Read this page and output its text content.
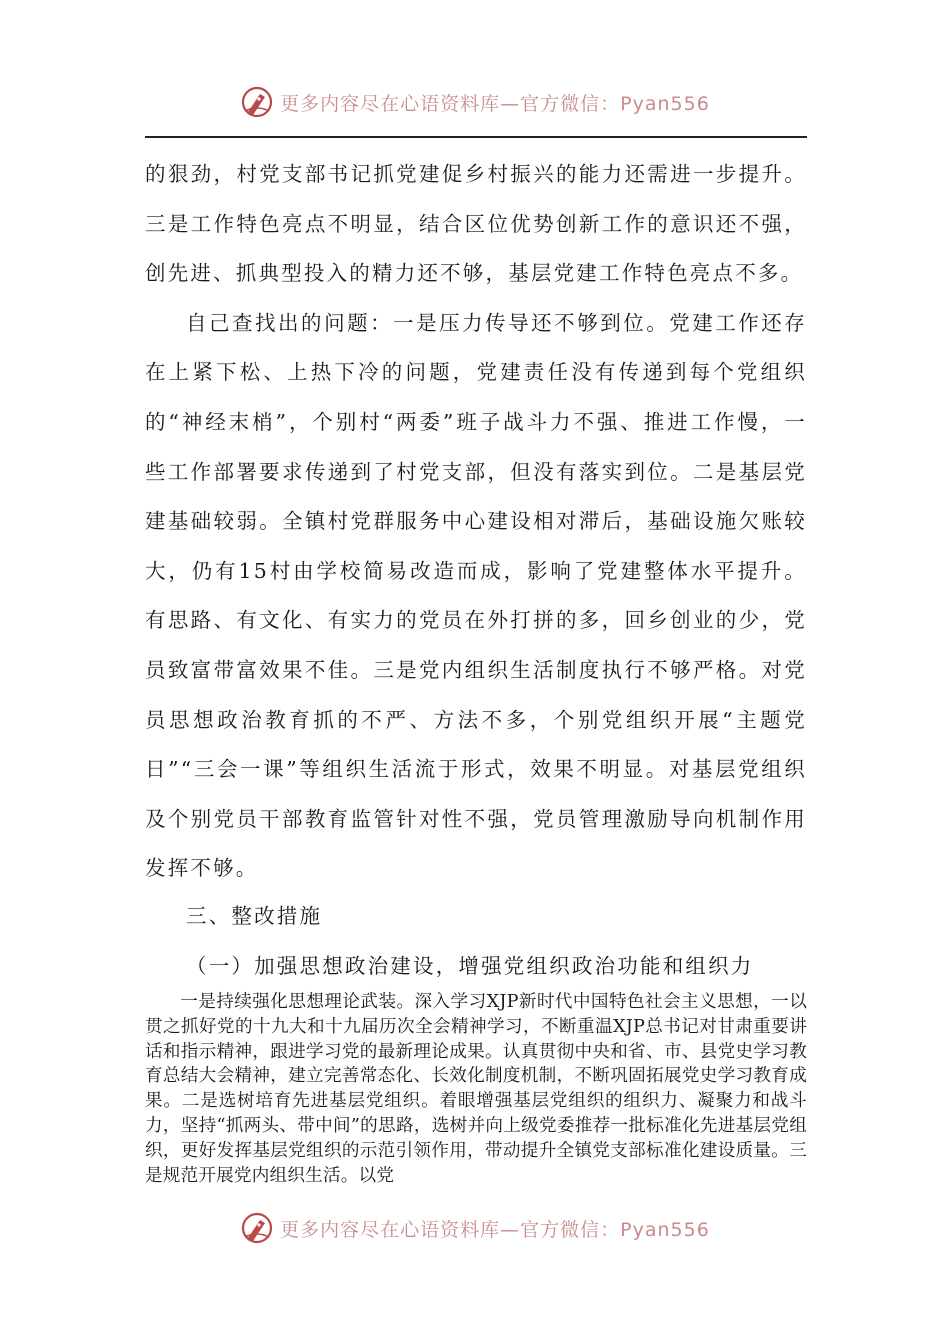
更多内容尽在心语资料库—官方微信：Pyan556

的狠劲，村党支部书记抓党建促乡村振兴的能力还需进一步提升。三是工作特色亮点不明显，结合区位优势创新工作的意识还不强，创先进、抓典型投入的精力还不够，基层党建工作特色亮点不多。

自己查找出的问题：一是压力传导还不够到位。党建工作还存在上紧下松、上热下冷的问题，党建责任没有传递到每个党组织的“神经末梢”，个别村“两委”班子战斗力不强、推进工作慢，一些工作部署要求传递到了村党支部，但没有落实到位。二是基层党建基础较弱。全镇村党群服务中心建设相对滞后，基础设施欠账较大，仍有15村由学校简易改造而成，影响了党建整体水平提升。有思路、有文化、有实力的党员在外打拼的多，回乡创业的少，党员致富带富效果不佳。三是党内组织生活制度执行不够严格。对党员思想政治教育抓的不严、方法不多，个别党组织开展“主题党日”“三会一课”等组织生活流于形式，效果不明显。对基层党组织及个别党员干部教育监管针对性不强，党员管理激励导向机制作用发挥不够。

三、整改措施

（一）加强思想政治建设，增强党组织政治功能和组织力

一是持续强化思想理论武装。深入学习XJP新时代中国特色社会主义思想，一以贯之抓好党的十九大和十九届历次全会精神学习，不断重温XJP总书记对甘肃重要讲话和指示精神，跟进学习党的最新理论成果。认真贯彻中央和省、市、县党史学习教育总结大会精神，建立完善常态化、长效化制度机制，不断巩固拓展党史学习教育成果。二是选树培育先进基层党组织。着眼增强基层党组织的组织力、凝聚力和战斗力，坚持“抓两头、带中间”的思路，选树并向上级党委推荐一批标准化先进基层党组织，更好发挥基层党组织的示范引领作用，带动提升全镇党支部标准化建设质量。三是规范开展党内组织生活。以党

更多内容尽在心语资料库—官方微信：Pyan556
